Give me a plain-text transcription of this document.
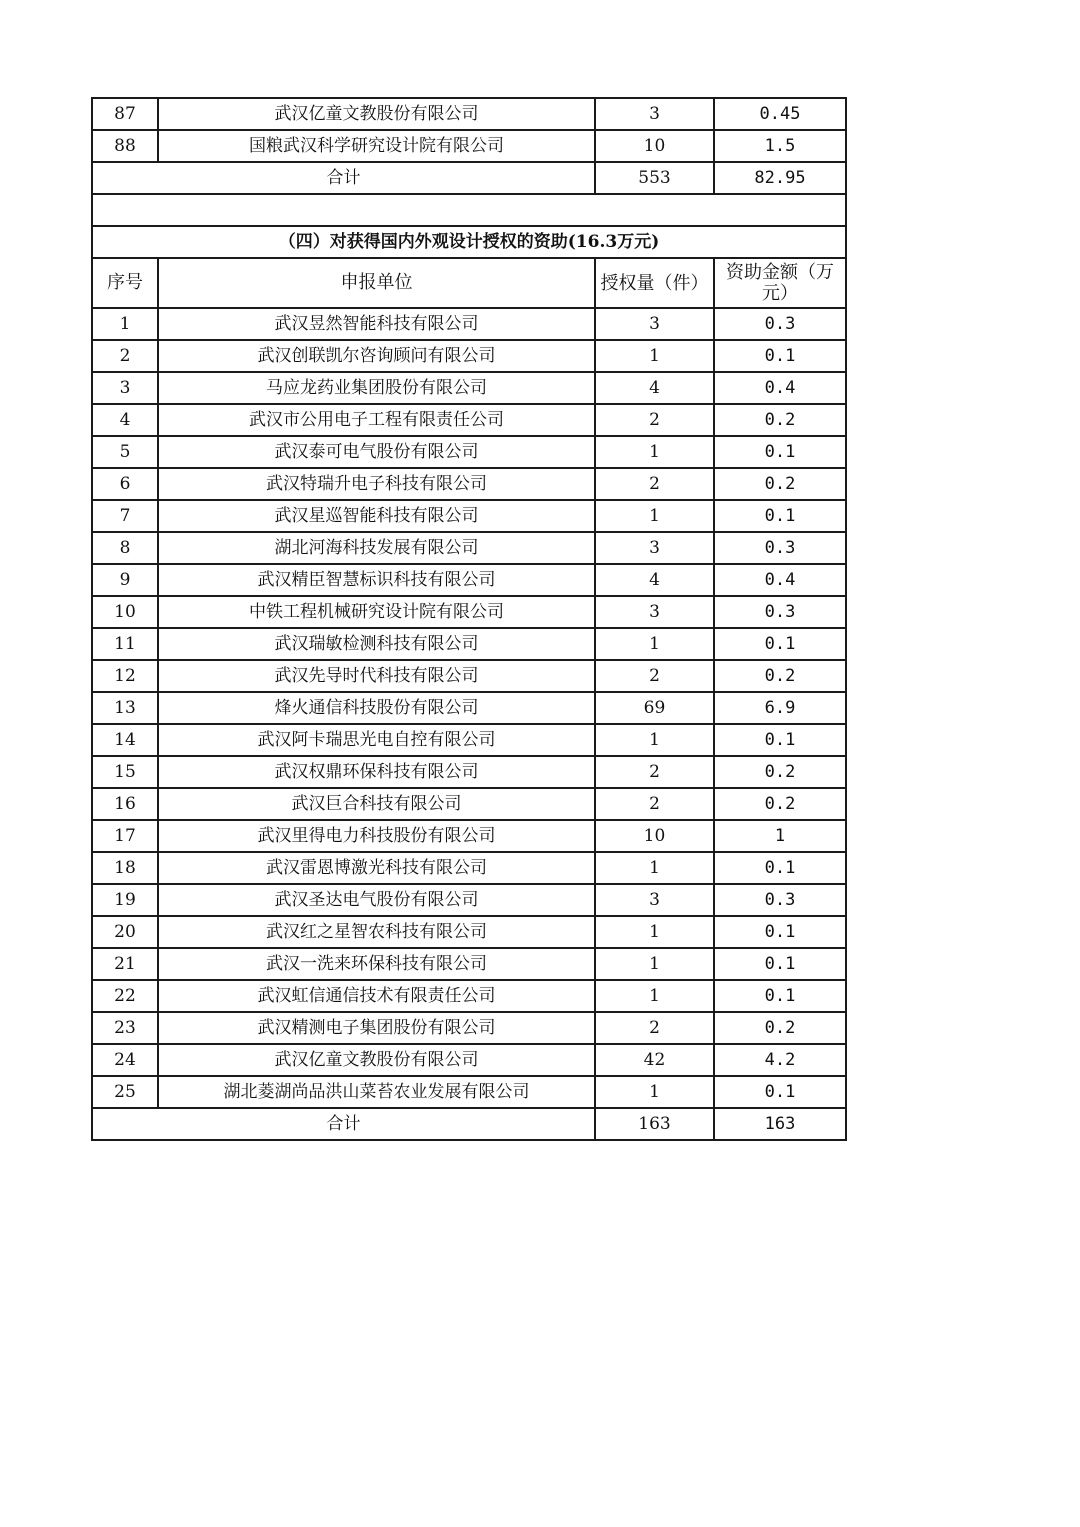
87	武汉亿童文教股份有限公司	3	0.45
88	国粮武汉科学研究设计院有限公司	10	1.5
合计		553	82.95

（四）对获得国内外观设计授权的资助(16.3万元)			
序号	申报单位	授权量（件）	资助金额（万元）
1	武汉昱然智能科技有限公司	3	0.3
2	武汉创联凯尔咨询顾问有限公司	1	0.1
3	马应龙药业集团股份有限公司	4	0.4
4	武汉市公用电子工程有限责任公司	2	0.2
5	武汉泰可电气股份有限公司	1	0.1
6	武汉特瑞升电子科技有限公司	2	0.2
7	武汉星巡智能科技有限公司	1	0.1
8	湖北河海科技发展有限公司	3	0.3
9	武汉精臣智慧标识科技有限公司	4	0.4
10	中铁工程机械研究设计院有限公司	3	0.3
11	武汉瑞敏检测科技有限公司	1	0.1
12	武汉先导时代科技有限公司	2	0.2
13	烽火通信科技股份有限公司	69	6.9
14	武汉阿卡瑞思光电自控有限公司	1	0.1
15	武汉权鼎环保科技有限公司	2	0.2
16	武汉巨合科技有限公司	2	0.2
17	武汉里得电力科技股份有限公司	10	1
18	武汉雷恩博激光科技有限公司	1	0.1
19	武汉圣达电气股份有限公司	3	0.3
20	武汉红之星智农科技有限公司	1	0.1
21	武汉一洗来环保科技有限公司	1	0.1
22	武汉虹信通信技术有限责任公司	1	0.1
23	武汉精测电子集团股份有限公司	2	0.2
24	武汉亿童文教股份有限公司	42	4.2
25	湖北菱湖尚品洪山菜苔农业发展有限公司	1	0.1
合计		163	163
